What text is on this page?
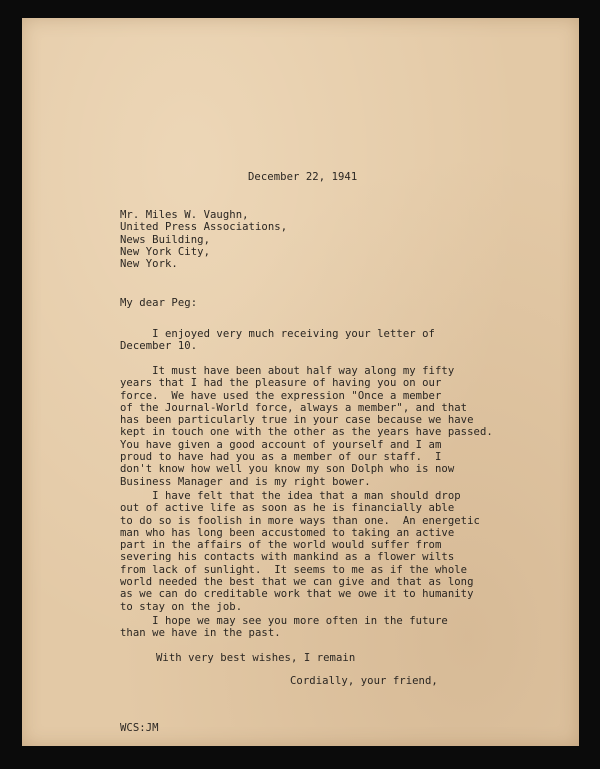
December 22, 1941
Mr. Miles W. Vaughn,
United Press Associations,
News Building,
New York City,
New York.
My dear Peg:
I enjoyed very much receiving your letter of
December 10.
It must have been about half way along my fifty
years that I had the pleasure of having you on our
force.  We have used the expression "Once a member
of the Journal-World force, always a member", and that
has been particularly true in your case because we have
kept in touch one with the other as the years have passed.
You have given a good account of yourself and I am
proud to have had you as a member of our staff.  I
don't know how well you know my son Dolph who is now
Business Manager and is my right bower.
I have felt that the idea that a man should drop
out of active life as soon as he is financially able
to do so is foolish in more ways than one.  An energetic
man who has long been accustomed to taking an active
part in the affairs of the world would suffer from
severing his contacts with mankind as a flower wilts
from lack of sunlight.  It seems to me as if the whole
world needed the best that we can give and that as long
as we can do creditable work that we owe it to humanity
to stay on the job.
I hope we may see you more often in the future
than we have in the past.
With very best wishes, I remain
Cordially, your friend,
WCS:JM
